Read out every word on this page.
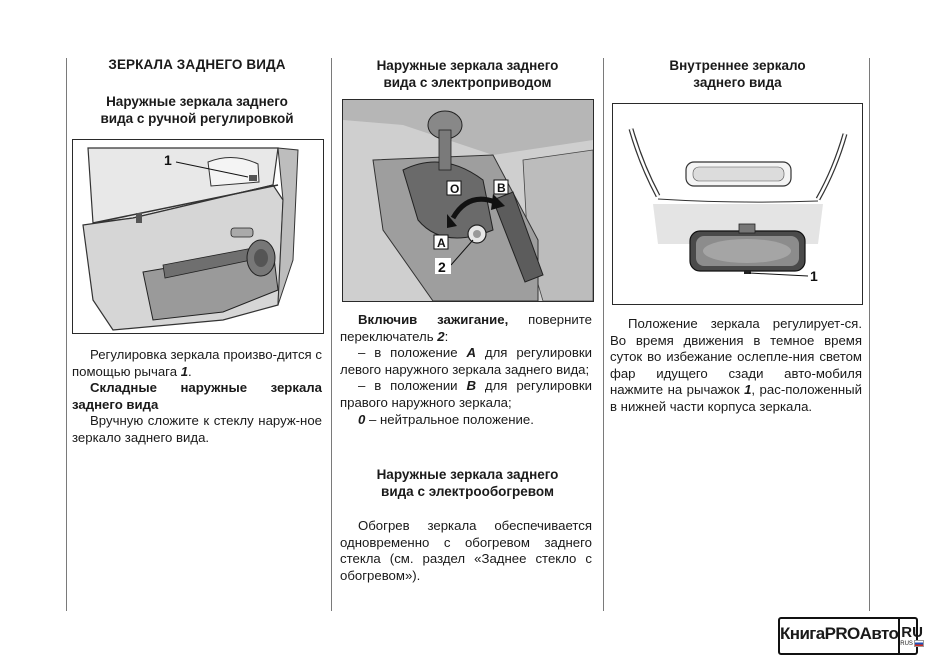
ЗЕРКАЛА ЗАДНЕГО ВИДА
Наружные зеркала заднего
вида с ручной регулировкой
1

Регулировка зеркала произво-дится с помощью рычага 1.

Складные наружные зеркала заднего вида

Вручную сложите к стеклу наруж-ное зеркало заднего вида.

Наружные зеркала заднего
вида с электроприводом
O	B
A
2

Включив зажигание, поверните переключатель 2:

– в положение A для регулировки левого наружного зеркала заднего вида;

– в положении B для регулировки правого наружного зеркала;

0 – нейтральное положение.

Наружные зеркала заднего
вида с электрообогревом

Обогрев зеркала обеспечивается одновременно с обогревом заднего стекла (см. раздел «Заднее стекло с обогревом»).

Внутреннее зеркало
заднего вида
1

Положение зеркала регулирует-ся. Во время движения в темное время суток во избежание ослепле-ния светом фар идущего сзади авто-мобиля нажмите на рычажок 1, рас-положенный в нижней части корпуса зеркала.

КнигаPROАвто RU
RUS
